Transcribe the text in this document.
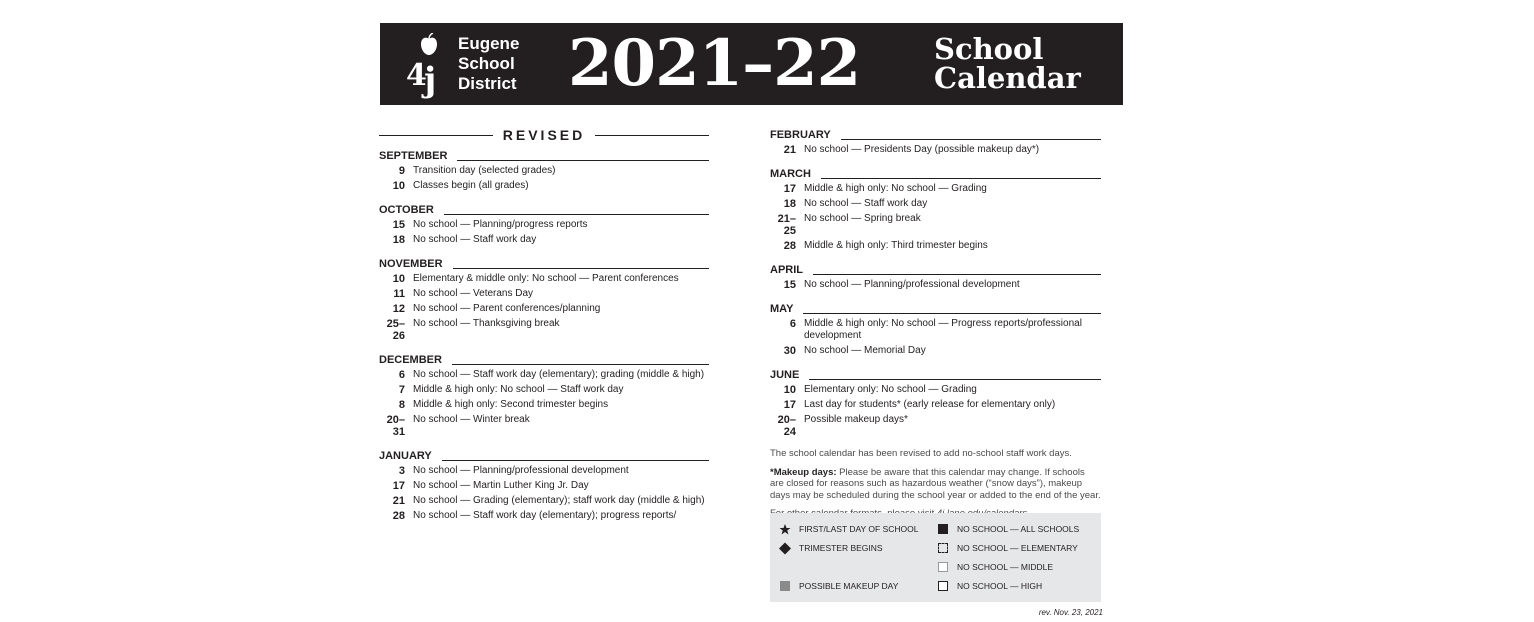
4
j
Eugene
School
District 2021–22	School
Calendar
REVISED
SEPTEMBER
9 Transition day (selected grades)
10 Classes begin (all grades)
OCTOBER
15 No school — Planning/progress reports
18 No school — Staff work day
NOVEMBER
10 Elementary & middle only: No school — Parent conferences
11 No school — Veterans Day
12 No school — Parent conferences/planning
25–26
No school — Thanksgiving break
DECEMBER
6 No school — Staff work day (elementary); grading (middle & high)
7 Middle & high only: No school — Staff work day
8 Middle & high only: Second trimester begins
20–31
No school — Winter break
JANUARY
3 No school — Planning/professional development
17 No school — Martin Luther King Jr. Day
21 No school — Grading (elementary); staff work day (middle & high)
28 No school — Staff work day (elementary); progress reports/
FEBRUARY
21 No school — Presidents Day (possible makeup day*)
MARCH
17 Middle & high only: No school — Grading
18 No school — Staff work day
21–25
No school — Spring break
28 Middle & high only: Third trimester begins
APRIL
15 No school — Planning/professional development
MAY
6 Middle & high only: No school — Progress reports/professional development
30 No school — Memorial Day
JUNE
10 Elementary only: No school — Grading
17 Last day for students* (early release for elementary only)
20–24
Possible makeup days*
The school calendar has been revised to add no-school staff work days.
*Makeup days: Please be aware that this calendar may change. If schools are closed for reasons such as hazardous weather (“snow days”), makeup days may be scheduled during the school year or added to the end of the year.
FIRST/LAST DAY OF SCHOOL
TRIMESTER BEGINS
POSSIBLE MAKEUP DAY
NO SCHOOL — ALL SCHOOLS
NO SCHOOL — ELEMENTARY
NO SCHOOL — MIDDLE
NO SCHOOL — HIGH
rev. Nov. 23, 2021
